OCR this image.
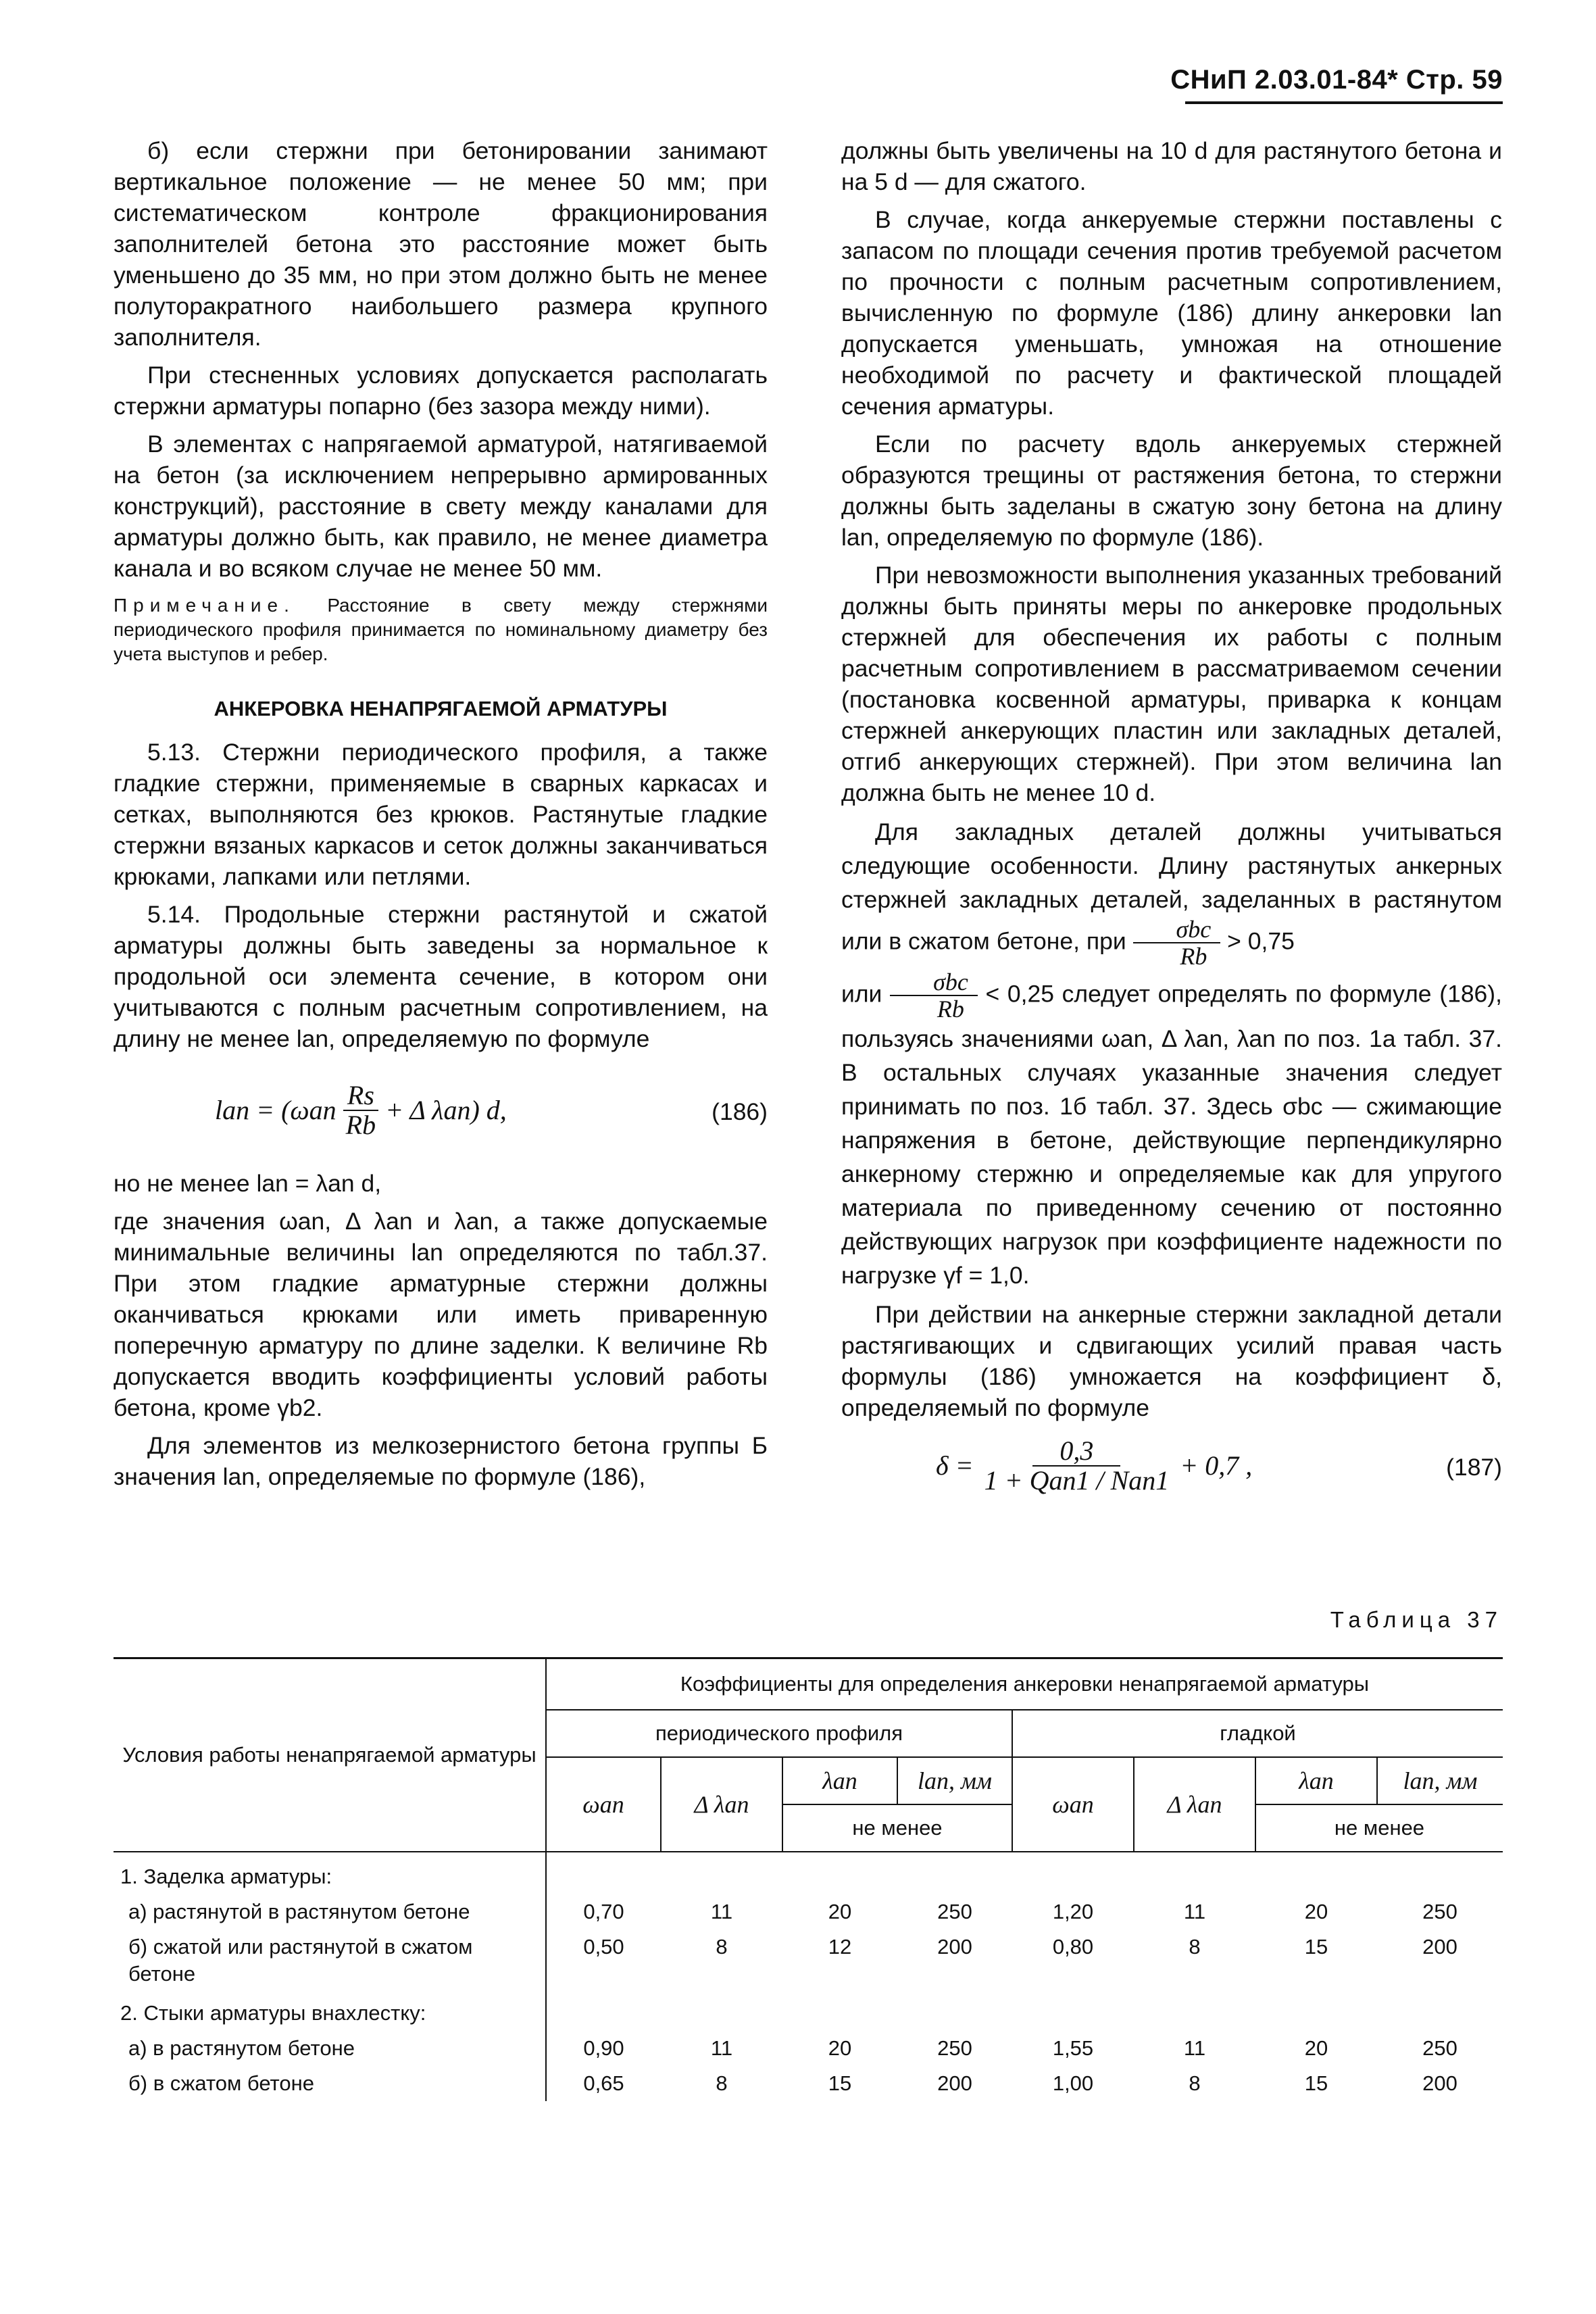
СНиП 2.03.01-84* Стр. 59

б) если стержни при бетонировании занимают вертикальное положение — не менее 50 мм; при систематическом контроле фракционирования заполнителей бетона это расстояние может быть уменьшено до 35 мм, но при этом должно быть не менее полуторакратного наибольшего размера крупного заполнителя.

При стесненных условиях допускается располагать стержни арматуры попарно (без зазора между ними).

В элементах с напрягаемой арматурой, натягиваемой на бетон (за исключением непрерывно армированных конструкций), расстояние в свету между каналами для арматуры должно быть, как правило, не менее диаметра канала и во всяком случае не менее 50 мм.

Примечание. Расстояние в свету между стержнями периодического профиля принимается по номинальному диаметру без учета выступов и ребер.

АНКЕРОВКА НЕНАПРЯГАЕМОЙ АРМАТУРЫ

5.13. Стержни периодического профиля, а также гладкие стержни, применяемые в сварных каркасах и сетках, выполняются без крюков. Растянутые гладкие стержни вязаных каркасов и сеток должны заканчиваться крюками, лапками или петлями.

5.14. Продольные стержни растянутой и сжатой арматуры должны быть заведены за нормальное к продольной оси элемента сечение, в котором они учитываются с полным расчетным сопротивлением, на длину не менее lan, определяемую по формуле

lan = ($\omega an \frac{Rs}{Rb} + \Delta$ λan) d,	(186)

но не менее lan = λan d,

где значения ωan, Δ λan и λan, а также допускаемые минимальные величины lan определяются по табл.37. При этом гладкие арматурные стержни должны оканчиваться крюками или иметь приваренную поперечную арматуру по длине заделки. К величине Rb допускается вводить коэффициенты условий работы бетона, кроме γb2.

Для элементов из мелкозернистого бетона группы Б значения lan, определяемые по формуле (186),

должны быть увеличены на 10 d для растянутого бетона и на 5 d — для сжатого.

В случае, когда анкеруемые стержни поставлены с запасом по площади сечения против требуемой расчетом по прочности с полным расчетным сопротивлением, вычисленную по формуле (186) длину анкеровки lan допускается уменьшать, умножая на отношение необходимой по расчету и фактической площадей сечения арматуры.

Если по расчету вдоль анкеруемых стержней образуются трещины от растяжения бетона, то стержни должны быть заделаны в сжатую зону бетона на длину lan, определяемую по формуле (186).

При невозможности выполнения указанных требований должны быть приняты меры по анкеровке продольных стержней для обеспечения их работы с полным расчетным сопротивлением в рассматриваемом сечении (постановка косвенной арматуры, приварка к концам стержней анкерующих пластин или закладных деталей, отгиб анкерующих стержней). При этом величина lan должна быть не менее 10 d.

Для закладных деталей должны учитываться следующие особенности. Длину растянутых анкерных стержней закладных деталей, заделанных в растянутом или в сжатом бетоне, при $\frac{\text{σbc}}{Rb} > 0,75$
или $\frac{\text{σbc}}{Rb} < 0,25$ следует определять по формуле (186), пользуясь значениями ωan, Δ λan, λan по поз. 1а табл. 37. В остальных случаях указанные значения следует принимать по поз. 1б табл. 37. Здесь σbc — сжимающие напряжения в бетоне, действующие перпендикулярно анкерному стержню и определяемые как для упругого материала по приведенному сечению от постоянно действующих нагрузок при коэффициенте надежности по нагрузке γf = 1,0.

При действии на анкерные стержни закладной детали растягивающих и сдвигающих усилий правая часть формулы (186) умножается на коэффициент δ, определяемый по формуле

$\delta = \frac{0,3}{\text{1 + Qan1 / Nan1}} + 0,7$ ,	(187)
Таблица 37
Условия работы ненапрягаемой арматуры	Коэффициенты для определения анкеровки ненапрягаемой арматуры							
	периодического профиля				гладкой			
	ωan	Δ λan	λan	lan, мм	ωan	Δ λan	λan	lan, мм
			не менее				не менее	
1. Заделка арматуры:								
а) растянутой в растянутом бетоне	0,70	11	20	250	1,20	11	20	250
б) сжатой или растянутой в сжатом бетоне	0,50	8	12	200	0,80	8	15	200
2. Стыки арматуры внахлестку:								
а) в растянутом бетоне	0,90	11	20	250	1,55	11	20	250
б) в сжатом бетоне	0,65	8	15	200	1,00	8	15	200
